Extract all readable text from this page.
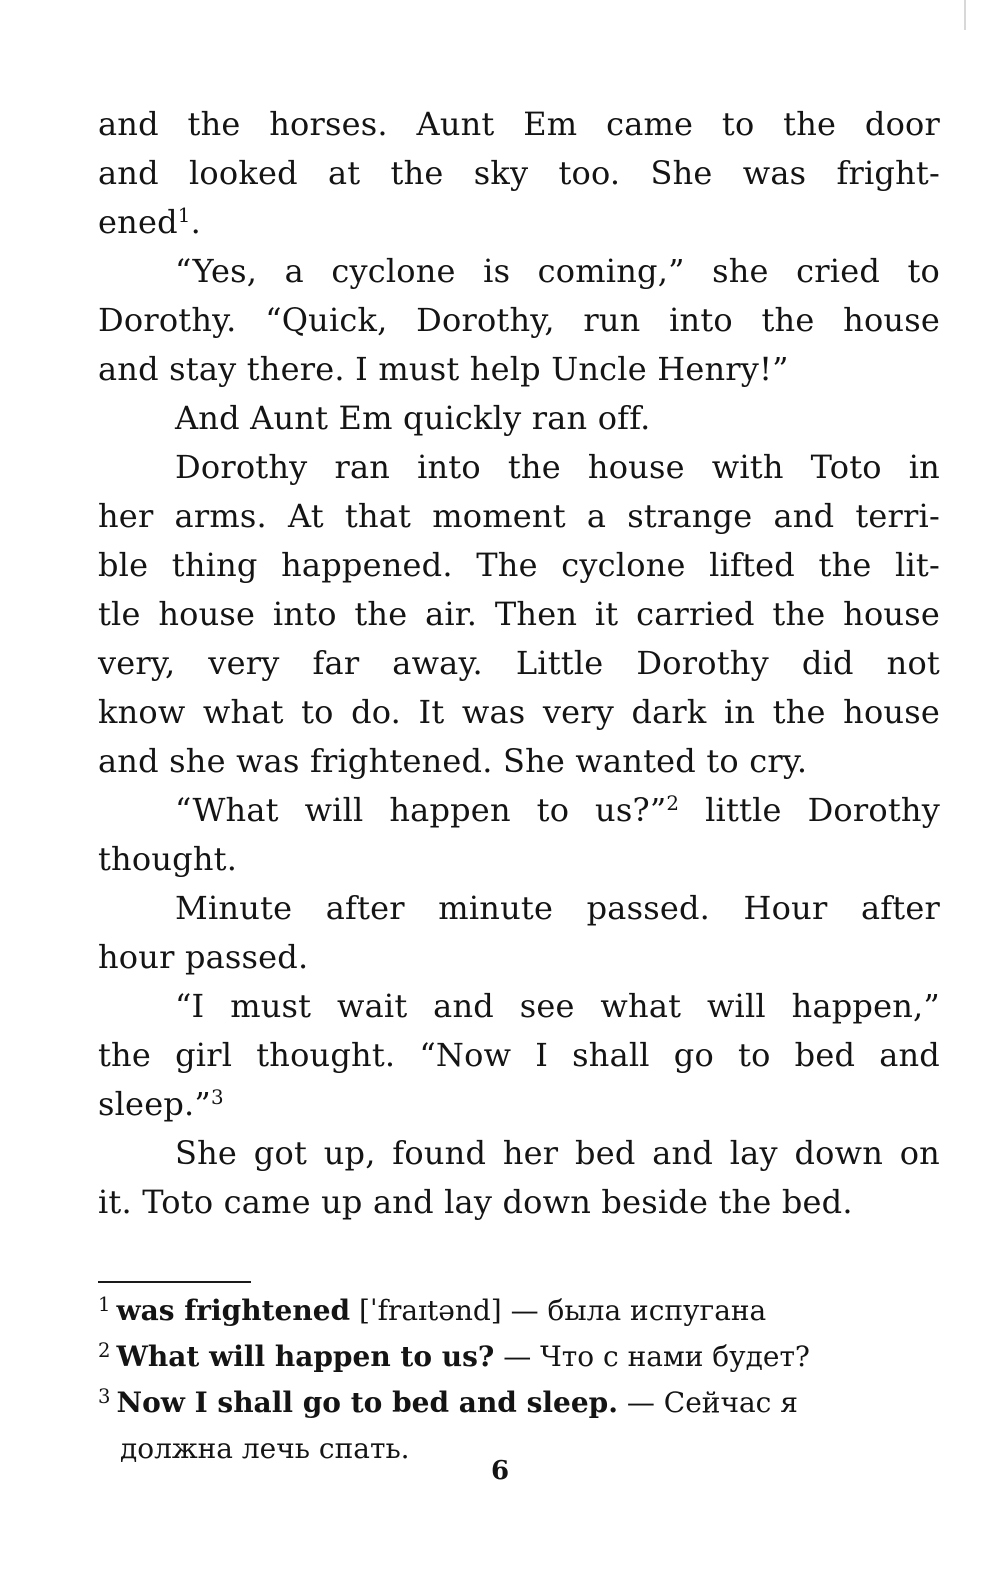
and the horses. Aunt Em came to the door
and looked at the sky too. She was fright-
ened$^1$.
“Yes, a cyclone is coming,” she cried to
Dorothy. “Quick, Dorothy, run into the house
and stay there. I must help Uncle Henry!”
And Aunt Em quickly ran off.
Dorothy ran into the house with Toto in
her arms. At that moment a strange and terri-
ble thing happened. The cyclone lifted the lit-
tle house into the air. Then it carried the house
very, very far away. Little Dorothy did not
know what to do. It was very dark in the house
and she was frightened. She wanted to cry.
“What will happen to us?”$^2$ little Dorothy
thought.
Minute after minute passed. Hour after
hour passed.
“I must wait and see what will happen,”
the girl thought. “Now I shall go to bed and
sleep.”$^3$
She got up, found her bed and lay down on
it. Toto came up and lay down beside the bed.
$^1$ was frightened [ˈfraɪtənd] — была испугана
$^2$ What will happen to us? — Что с нами будет?
$^3$ Now I shall go to bed and sleep. — Сейчас я
должна лечь спать.
6
